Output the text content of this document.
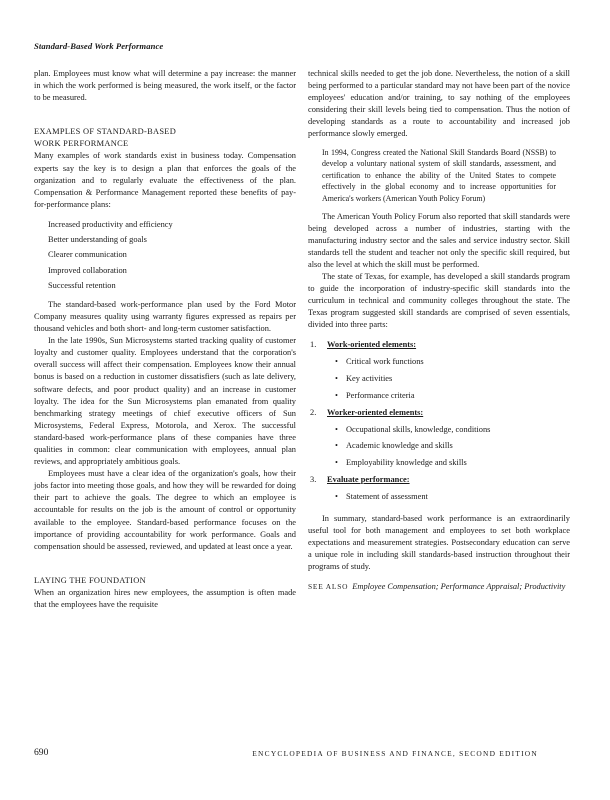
Standard-Based Work Performance

plan. Employees must know what will determine a pay increase: the manner in which the work performed is being measured, the work itself, or the factor to be measured.

EXAMPLES OF STANDARD-BASED
WORK PERFORMANCE

Many examples of work standards exist in business today. Compensation experts say the key is to design a plan that enforces the goals of the organization and to regularly evaluate the effectiveness of the plan. Compensation & Performance Management reported these benefits of pay-for-performance plans:

Increased productivity and efficiency
Better understanding of goals
Clearer communication
Improved collaboration
Successful retention

The standard-based work-performance plan used by the Ford Motor Company measures quality using warranty figures expressed as repairs per thousand vehicles and both short- and long-term customer satisfaction.

In the late 1990s, Sun Microsystems started tracking quality of customer loyalty and customer quality. Employees understand that the corporation's overall success will affect their compensation. Employees know their annual bonus is based on a reduction in customer dissatisfiers (such as late delivery, software defects, and poor product quality) and an increase in customer loyalty. The idea for the Sun Microsystems plan emanated from quality benchmarking strategy meetings of chief executive officers of Sun Microsystems, Federal Express, Motorola, and Xerox. The successful standard-based work-performance plans of these companies have three qualities in common: clear communication with employees, annual plan reviews, and appropriately ambitious goals.

Employees must have a clear idea of the organization's goals, how their jobs factor into meeting those goals, and how they will be rewarded for doing their part to achieve the goals. The degree to which an employee is accountable for results on the job is the amount of control or opportunity available to the employee. Standard-based performance focuses on the importance of providing accountability for work performance. Goals and compensation should be assessed, reviewed, and updated at least once a year.

LAYING THE FOUNDATION

When an organization hires new employees, the assumption is often made that the employees have the requisite

technical skills needed to get the job done. Nevertheless, the notion of a skill being performed to a particular standard may not have been part of the novice employees' education and/or training, to say nothing of the employees considering their skill levels being tied to compensation. Thus the notion of developing standards as a route to accountability and increased job performance slowly emerged.

In 1994, Congress created the National Skill Standards Board (NSSB) to develop a voluntary national system of skill standards, assessment, and certification to enhance the ability of the United States to compete effectively in the global economy and to increase opportunities for America's workers (American Youth Policy Forum)

The American Youth Policy Forum also reported that skill standards were being developed across a number of industries, starting with the manufacturing industry sector and the sales and service industry sector. Skill standards tell the student and teacher not only the specific skill required, but also the level at which the skill must be performed.

The state of Texas, for example, has developed a skill standards program to guide the incorporation of industry-specific skill standards into the curriculum in technical and community colleges throughout the state. The Texas program suggested skill standards are comprised of seven essentials, divided into three parts:

1. Work-oriented elements:
• Critical work functions
• Key activities
• Performance criteria
2. Worker-oriented elements:
• Occupational skills, knowledge, conditions
• Academic knowledge and skills
• Employability knowledge and skills
3. Evaluate performance:
• Statement of assessment

In summary, standard-based work performance is an extraordinarily useful tool for both management and employees to set both workplace expectations and measurement strategies. Postsecondary education can serve a unique role in including skill standards-based instruction throughout their programs of study.

SEE ALSO Employee Compensation; Performance Appraisal; Productivity

690	ENCYCLOPEDIA OF BUSINESS AND FINANCE, SECOND EDITION
